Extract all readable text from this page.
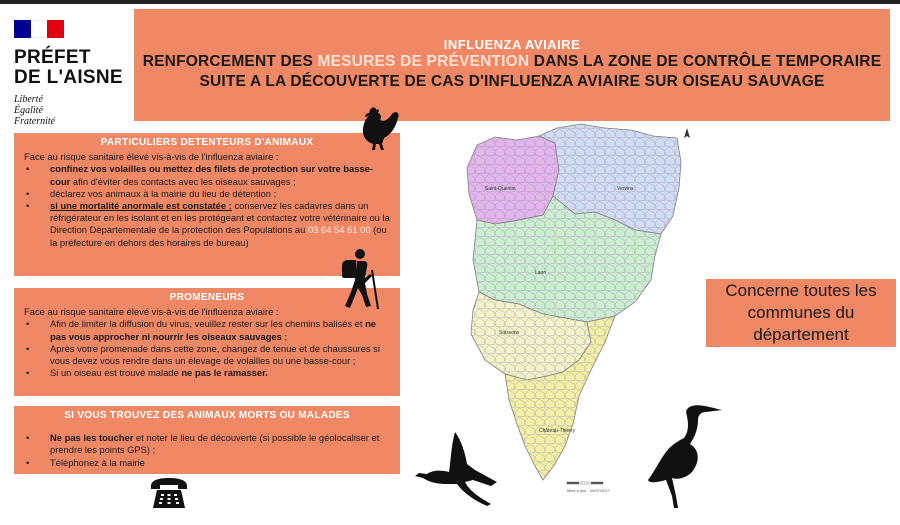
PRÉFET
DE L'AISNE
Liberté
Égalité
Fraternité
INFLUENZA AVIAIRE
RENFORCEMENT DES MESURES DE PRÉVENTION DANS LA ZONE DE CONTRÔLE TEMPORAIRE
SUITE A LA DÉCOUVERTE DE CAS D'INFLUENZA AVIAIRE SUR OISEAU SAUVAGE
PARTICULIERS DETENTEURS D'ANIMAUX
Face au risque sanitaire élevé vis-à-vis de l'influenza aviaire :
• confinez vos volailles ou mettez des filets de protection sur votre basse-cour afin d'éviter des contacts avec les oiseaux sauvages ;
• déclarez vos animaux à la mairie du lieu de détention ;
• si une mortalité anormale est constatée : conservez les cadavres dans un réfrigérateur en les isolant et en les protégeant et contactez votre vétérinaire ou la Direction Départementale de la protection des Populations au 03 64 54 61 00 (ou la préfecture en dehors des horaires de bureau)
PROMENEURS
Face au risque sanitaire élevé vis-à-vis de l'influenza aviaire :
• Afin de limiter la diffusion du virus, veuillez rester sur les chemins balisés et ne pas vous approcher ni nourrir les oiseaux sauvages ;
• Après votre promenade dans cette zone, changez de tenue et de chaussures si vous devez vous rendre dans un élevage de volailles ou une basse-cour ;
• Si un oiseau est trouvé malade ne pas le ramasser.
SI VOUS TROUVEZ DES ANIMAUX MORTS OU MALADES
• Ne pas les toucher et noter le lieu de découverte (si possible le géolocaliser et prendre les points GPS) ;
• Téléphonez à la mairie
Saint-Quentin	Vervins
Laon
Soissons
Château-Thierry
Mise à jour : 20/07/2017
Concerne toutes les
communes du
département
